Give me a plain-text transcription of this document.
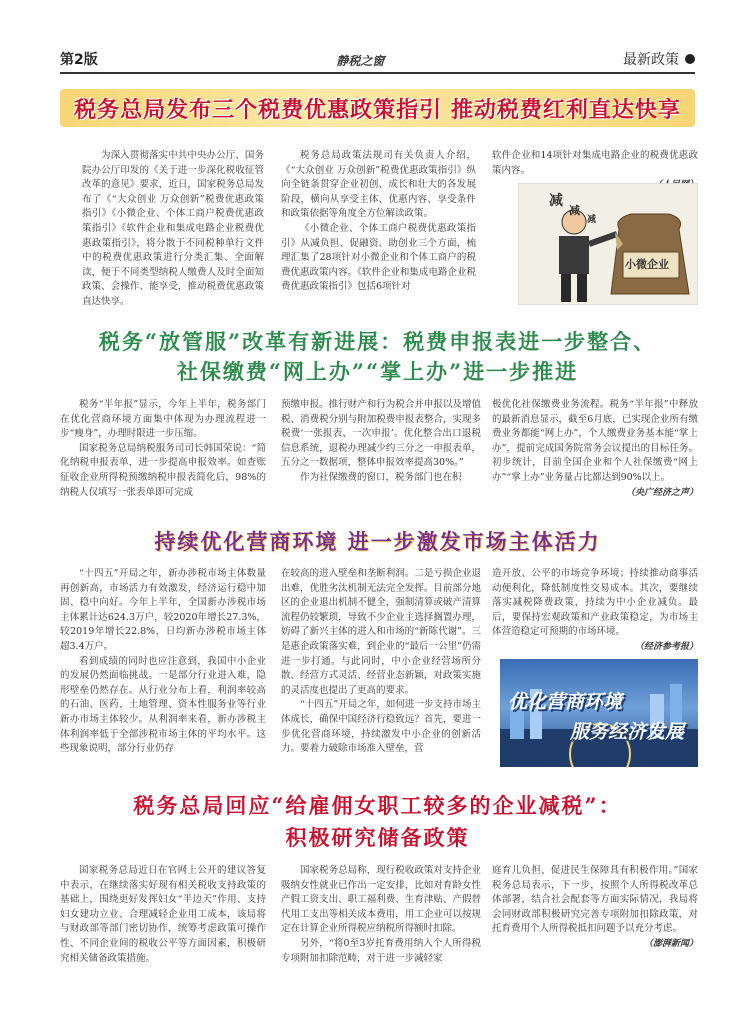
第2版	静税之窗	最新政策
税务总局发布三个税费优惠政策指引 推动税费红利直达快享

为深入贯彻落实中共中央办公厅、国务院办公厅印发的《关于进一步深化税收征管改革的意见》要求，近日，国家税务总局发布了《“大众创业 万众创新”税费优惠政策指引》《小微企业、个体工商户税费优惠政策指引》《软件企业和集成电路企业税费优惠政策指引》，将分散于不同税种单行文件中的税费优惠政策进行分类汇集、全面解读，便于不同类型纳税人缴费人及时全面知政策、会操作、能享受，推动税费优惠政策直达快享。

税务总局政策法规司有关负责人介绍，《“大众创业 万众创新”税费优惠政策指引》纵向全链条贯穿企业初创、成长和壮大的各发展阶段，横向从享受主体、优惠内容、享受条件和政策依据等角度全方位解读政策。

《小微企业、个体工商户税费优惠政策指引》从减负担、促融资、助创业三个方面，梳理汇集了28项针对小微企业和个体工商户的税费优惠政策内容。《软件企业和集成电路企业税费优惠政策指引》包括6项针对

软件企业和14项针对集成电路企业的税费优惠政策内容。

减
减
减
小微企业
税务“放管服”改革有新进展：税费申报表进一步整合、
社保缴费“网上办”“掌上办”进一步推进

税务“半年报”显示，今年上半年，税务部门在优化营商环境方面集中体现为办理流程进一步“瘦身”，办理时限进一步压缩。

国家税务总局纳税服务司司长韩国荣说：“简化纳税申报表单，进一步提高申报效率。如查账征收企业所得税预缴纳税申报表简化后，98%的纳税人仅填写一张表单即可完成

预缴申报。推行财产和行为税合并申报以及增值税、消费税分别与附加税费申报表整合，实现多税费‘一张报表、一次申报’。优化整合出口退税信息系统，退税办理减少约三分之一申报表单，五分之一数据项，整体申报效率提高30%。”

作为社保缴费的窗口，税务部门也在积

极优化社保缴费业务流程。税务“半年报”中释放的最新消息显示，截至6月底，已实现企业所有缴费业务都能“网上办”，个人缴费业务基本能“掌上办”，提前完成国务院常务会议提出的目标任务。初步统计，目前全国企业和个人社保缴费“网上办”“掌上办”业务量占比都达到90%以上。

（央广经济之声）
持续优化营商环境 进一步激发市场主体活力

“十四五”开局之年，新办涉税市场主体数量再创新高，市场活力有效激发，经济运行稳中加固、稳中向好。今年上半年，全国新办涉税市场主体累计达624.3万户，较2020年增长27.3%，较2019年增长22.8%，日均新办涉税市场主体超3.4万户。

看到成绩的同时也应注意到，我国中小企业的发展仍然面临挑战。一是部分行业进入难，隐形壁垒仍然存在。从行业分布上看，利润率较高的石油、医药、土地管理、资本性服务业等行业新办市场主体较少。从利润率来看，新办涉税主体利润率低于全部涉税市场主体的平均水平。这些现象说明，部分行业仍存

在较高的进入壁垒和垄断利润。二是亏损企业退出难，优胜劣汰机制无法完全发挥。目前部分地区的企业退出机制不健全，强制清算或破产清算流程仍较繁琐，导致不少企业主选择搁置办理，妨碍了新兴主体的进入和市场的“新陈代谢”。三是惠企政策落实难，到企业的“最后一公里”仍需进一步打通。与此同时，中小企业经营场所分散、经营方式灵活、经营业态新颖，对政策实施的灵活度也提出了更高的要求。

“十四五”开局之年，如何进一步支持市场主体成长，确保中国经济行稳致远？首先，要进一步优化营商环境，持续激发中小企业的创新活力。要着力破除市场准入壁垒，营

造开放、公平的市场竞争环境；持续推动商事活动便利化，降低制度性交易成本。其次，要继续落实减税降费政策，持续为中小企业减负。最后，要保持宏观政策和产业政策稳定，为市场主体营造稳定可预期的市场环境。

（经济参考报）
优化营商环境
服务经济发展
税务总局回应“给雇佣女职工较多的企业减税”：
积极研究储备政策

国家税务总局近日在官网上公开的建议答复中表示，在继续落实好现有相关税收支持政策的基础上，围绕更好发挥妇女“半边天”作用、支持妇女建功立业、合理减轻企业用工成本，该局将与财政部等部门密切协作，统筹考虑政策可操作性、不同企业间的税收公平等方面因素，积极研究相关储备政策措施。

国家税务总局称，现行税收政策对支持企业吸纳女性就业已作出一定安排，比如对育龄女性产假工资支出、职工福利费、生育津贴、产假替代用工支出等相关成本费用，用工企业可以按规定在计算企业所得税应纳税所得额时扣除。

另外，“将0至3岁托育费用纳入个人所得税专项附加扣除范畴，对于进一步减轻家

庭育儿负担、促进民生保障具有积极作用。”国家税务总局表示，下一步，按照个人所得税改革总体部署，结合社会配套等方面实际情况，我局将会同财政部积极研究完善专项附加扣除政策，对托育费用个人所得税抵扣问题予以充分考虑。

（澎湃新闻）
